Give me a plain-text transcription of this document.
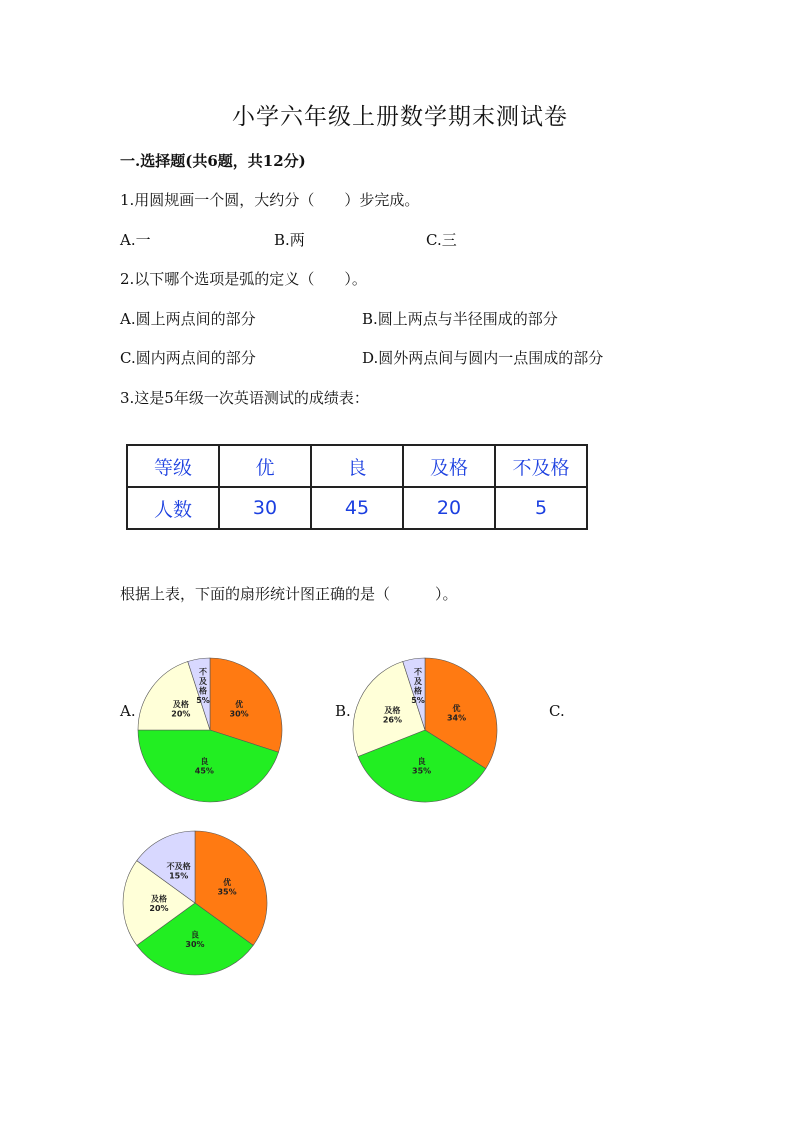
小学六年级上册数学期末测试卷
一.选择题(共6题，共12分)
1.用圆规画一个圆，大约分（　　）步完成。
A.一	B.两	C.三
2.以下哪个选项是弧的定义（　　）。
A.圆上两点间的部分	B.圆上两点与半径围成的部分
C.圆内两点间的部分	D.圆外两点间与圆内一点围成的部分
3.这是5年级一次英语测试的成绩表：
等级	优	良	及格	不及格
人数	30	45	20	5
根据上表，下面的扇形统计图正确的是（　　　）。
A.	B.	C.
优
30%
良
45%
及格
20%
不
及
格
5%
优
34%
良
35%
及格
26%
不
及
格
5%
优
35%
良
30%
及格
20%
不及格
15%
